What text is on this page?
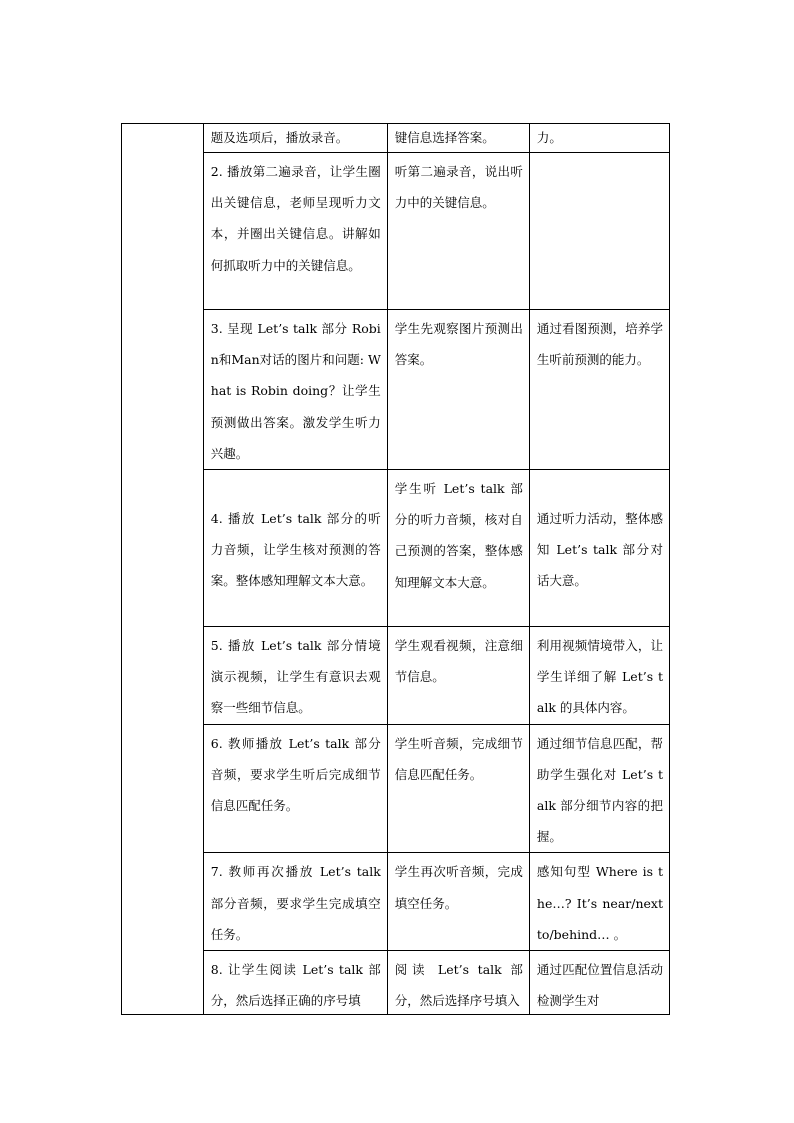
	题及选项后，播放录音。	键信息选择答案。	力。

	2. 播放第二遍录音，让学生圈出关键信息，老师呈现听力文本，并圈出关键信息。讲解如何抓取听力中的关键信息。	听第二遍录音，说出听力中的关键信息。	

	3. 呈现 Let’s talk 部分 Robin和Man对话的图片和问题: What is Robin doing？让学生预测做出答案。激发学生听力兴趣。	学生先观察图片预测出答案。	通过看图预测，培养学生听前预测的能力。

	4. 播放 Let’s talk 部分的听力音频，让学生核对预测的答案。整体感知理解文本大意。	学生听 Let’s talk 部分的听力音频，核对自己预测的答案，整体感知理解文本大意。	通过听力活动，整体感知 Let’s talk 部分对话大意。

	5. 播放 Let’s talk 部分情境演示视频，让学生有意识去观察一些细节信息。	学生观看视频，注意细节信息。	利用视频情境带入，让学生详细了解 Let’s talk 的具体内容。

	6. 教师播放 Let’s talk 部分音频，要求学生听后完成细节信息匹配任务。	学生听音频，完成细节信息匹配任务。	通过细节信息匹配，帮助学生强化对 Let’s talk 部分细节内容的把握。

	7. 教师再次播放 Let’s talk 部分音频，要求学生完成填空任务。	学生再次听音频，完成填空任务。	感知句型 Where is the…? It’s near/next to/behind… 。

	8. 让学生阅读 Let’s talk 部分，然后选择正确的序号填	阅读 Let’s talk 部分，然后选择序号填入	通过匹配位置信息活动检测学生对
